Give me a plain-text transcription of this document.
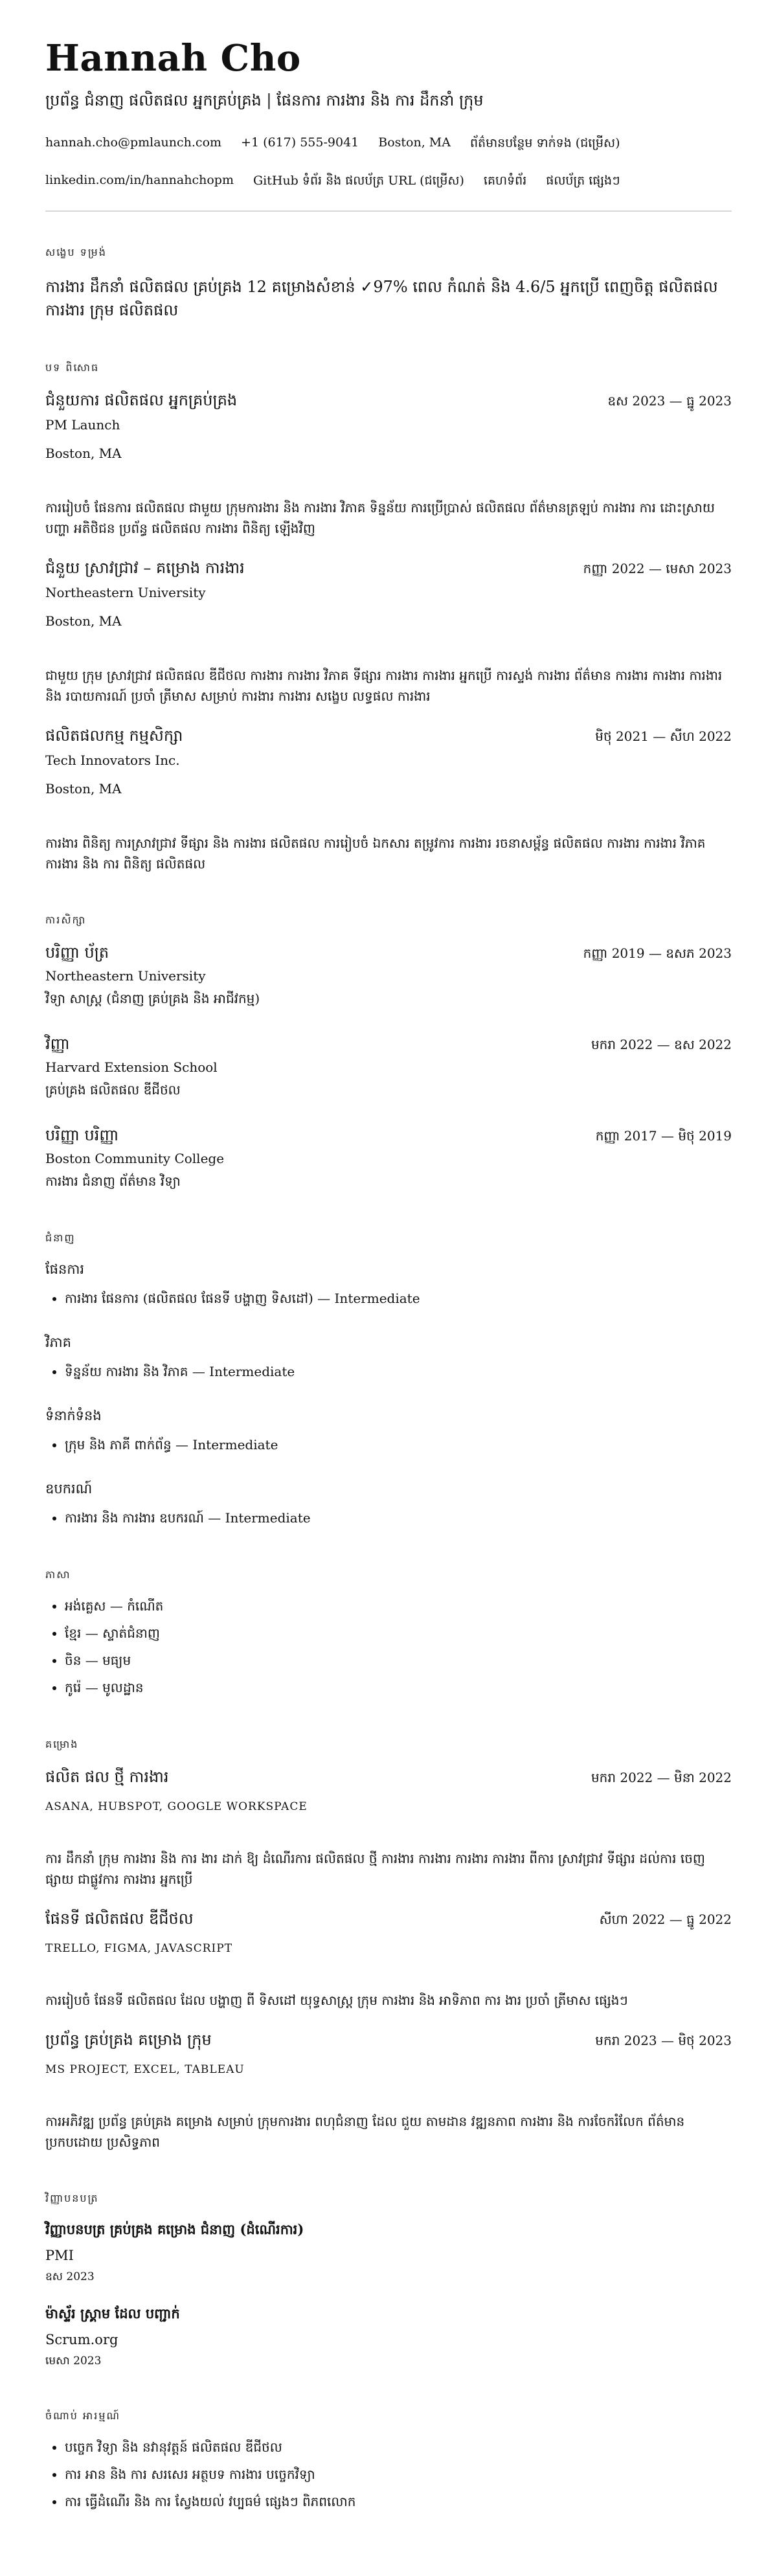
Hannah Cho
ប្រព័ន្ធ ជំនាញ ផលិតផល អ្នកគ្រប់គ្រង | ផែនការ ការងារ និង ការ ដឹកនាំ ក្រុម
hannah.cho@pmlaunch.com +1 (617) 555-9041 Boston, MA ព័ត៌មានបន្ថែម ទាក់ទង (ជម្រើស)
linkedin.com/in/hannahchopm GitHub ទំព័រ និង ផលប័ត្រ URL (ជម្រើស) គេហទំព័រ ផលប័ត្រ ផ្សេងៗ
សង្ខេប ទម្រង់
ការងារ ដឹកនាំ ផលិតផល គ្រប់គ្រង 12 គម្រោងសំខាន់ ✓97% ពេល កំណត់ និង 4.6/5 អ្នកប្រើ ពេញចិត្ត ផលិតផល ការងារ ក្រុម ផលិតផល
បទ ពិសោធ
ជំនួយការ ផលិតផល អ្នកគ្រប់គ្រង	ឧស 2023 — ធ្នូ 2023
PM Launch
Boston, MA
ការរៀបចំ ផែនការ ផលិតផល ជាមួយ ក្រុមការងារ និង ការងារ វិភាគ ទិន្នន័យ ការប្រើប្រាស់ ផលិតផល ព័ត៌មានត្រឡប់ ការងារ ការ ដោះស្រាយ បញ្ហា អតិថិជន ប្រព័ន្ធ ផលិតផល ការងារ ពិនិត្យ ឡើងវិញ
ជំនួយ ស្រាវជ្រាវ – គម្រោង ការងារ	កញ្ញា 2022 — មេសា 2023
Northeastern University
Boston, MA
ជាមួយ ក្រុម ស្រាវជ្រាវ ផលិតផល ឌីជីថល ការងារ ការងារ វិភាគ ទីផ្សារ ការងារ ការងារ អ្នកប្រើ ការស្ទង់ ការងារ ព័ត៌មាន ការងារ ការងារ ការងារ និង របាយការណ៍ ប្រចាំ ត្រីមាស សម្រាប់ ការងារ ការងារ សង្ខេប លទ្ធផល ការងារ
ផលិតផលកម្ម កម្មសិក្សា	មិថុ 2021 — សីហ 2022
Tech Innovators Inc.
Boston, MA
ការងារ ពិនិត្យ ការស្រាវជ្រាវ ទីផ្សារ និង ការងារ ផលិតផល ការរៀបចំ ឯកសារ តម្រូវការ ការងារ រចនាសម្ព័ន្ធ ផលិតផល ការងារ ការងារ វិភាគ ការងារ និង ការ ពិនិត្យ ផលិតផល
ការសិក្សា
បរិញ្ញា ប័ត្រ	កញ្ញា 2019 — ឧសភ 2023
Northeastern University
វិទ្យា សាស្ត្រ (ជំនាញ គ្រប់គ្រង និង អាជីវកម្ម)
វិញ្ញា	មករា 2022 — ឧស 2022
Harvard Extension School
គ្រប់គ្រង ផលិតផល ឌីជីថល
បរិញ្ញា បរិញ្ញា	កញ្ញា 2017 — មិថុ 2019
Boston Community College
ការងារ ជំនាញ ព័ត៌មាន វិទ្យា
ជំនាញ
ផែនការ
• ការងារ ផែនការ (ផលិតផល ផែនទី បង្ហាញ ទិសដៅ) — Intermediate
វិភាគ
• ទិន្នន័យ ការងារ និង វិភាគ — Intermediate
ទំនាក់ទំនង
• ក្រុម និង ភាគី ពាក់ព័ន្ធ — Intermediate
ឧបករណ៍
• ការងារ និង ការងារ ឧបករណ៍ — Intermediate
ភាសា
• អង់គ្លេស — កំណើត
• ខ្មែរ — ស្ទាត់ជំនាញ
• ចិន — មធ្យម
• កូរ៉េ — មូលដ្ឋាន
គម្រោង
ផលិត ផល ថ្មី ការងារ	មករា 2022 — មិនា 2022
ASANA, HUBSPOT, GOOGLE WORKSPACE
ការ ដឹកនាំ ក្រុម ការងារ និង ការ ងារ ដាក់ ឱ្យ ដំណើរការ ផលិតផល ថ្មី ការងារ ការងារ ការងារ ការងារ ពីការ ស្រាវជ្រាវ ទីផ្សារ ដល់ការ ចេញ ផ្សាយ ជាផ្លូវការ ការងារ អ្នកប្រើ
ផែនទី ផលិតផល ឌីជីថល	សីហា 2022 — ធ្នូ 2022
TRELLO, FIGMA, JAVASCRIPT
ការរៀបចំ ផែនទី ផលិតផល ដែល បង្ហាញ ពី ទិសដៅ យុទ្ធសាស្ត្រ ក្រុម ការងារ និង អាទិភាព ការ ងារ ប្រចាំ ត្រីមាស ផ្សេងៗ
ប្រព័ន្ធ គ្រប់គ្រង គម្រោង ក្រុម	មករា 2023 — មិថុ 2023
MS PROJECT, EXCEL, TABLEAU
ការអភិវឌ្ឍ ប្រព័ន្ធ គ្រប់គ្រង គម្រោង សម្រាប់ ក្រុមការងារ ពហុជំនាញ ដែល ជួយ តាមដាន វឌ្ឍនភាព ការងារ និង ការចែករំលែក ព័ត៌មាន ប្រកបដោយ ប្រសិទ្ធភាព
វិញ្ញាបនបត្រ
វិញ្ញាបនបត្រ គ្រប់គ្រង គម្រោង ជំនាញ (ដំណើរការ)
PMI
ឧស 2023
ម៉ាស្ទ័រ ស្គ្រាម ដែល បញ្ជាក់
Scrum.org
មេសា 2023
ចំណាប់ អារម្មណ៍
• បច្ចេក វិទ្យា និង នវានុវត្តន៍ ផលិតផល ឌីជីថល
• ការ អាន និង ការ សរសេរ អត្ថបទ ការងារ បច្ចេកវិទ្យា
• ការ ធ្វើដំណើរ និង ការ ស្វែងយល់ វប្បធម៌ ផ្សេងៗ ពិភពលោក
